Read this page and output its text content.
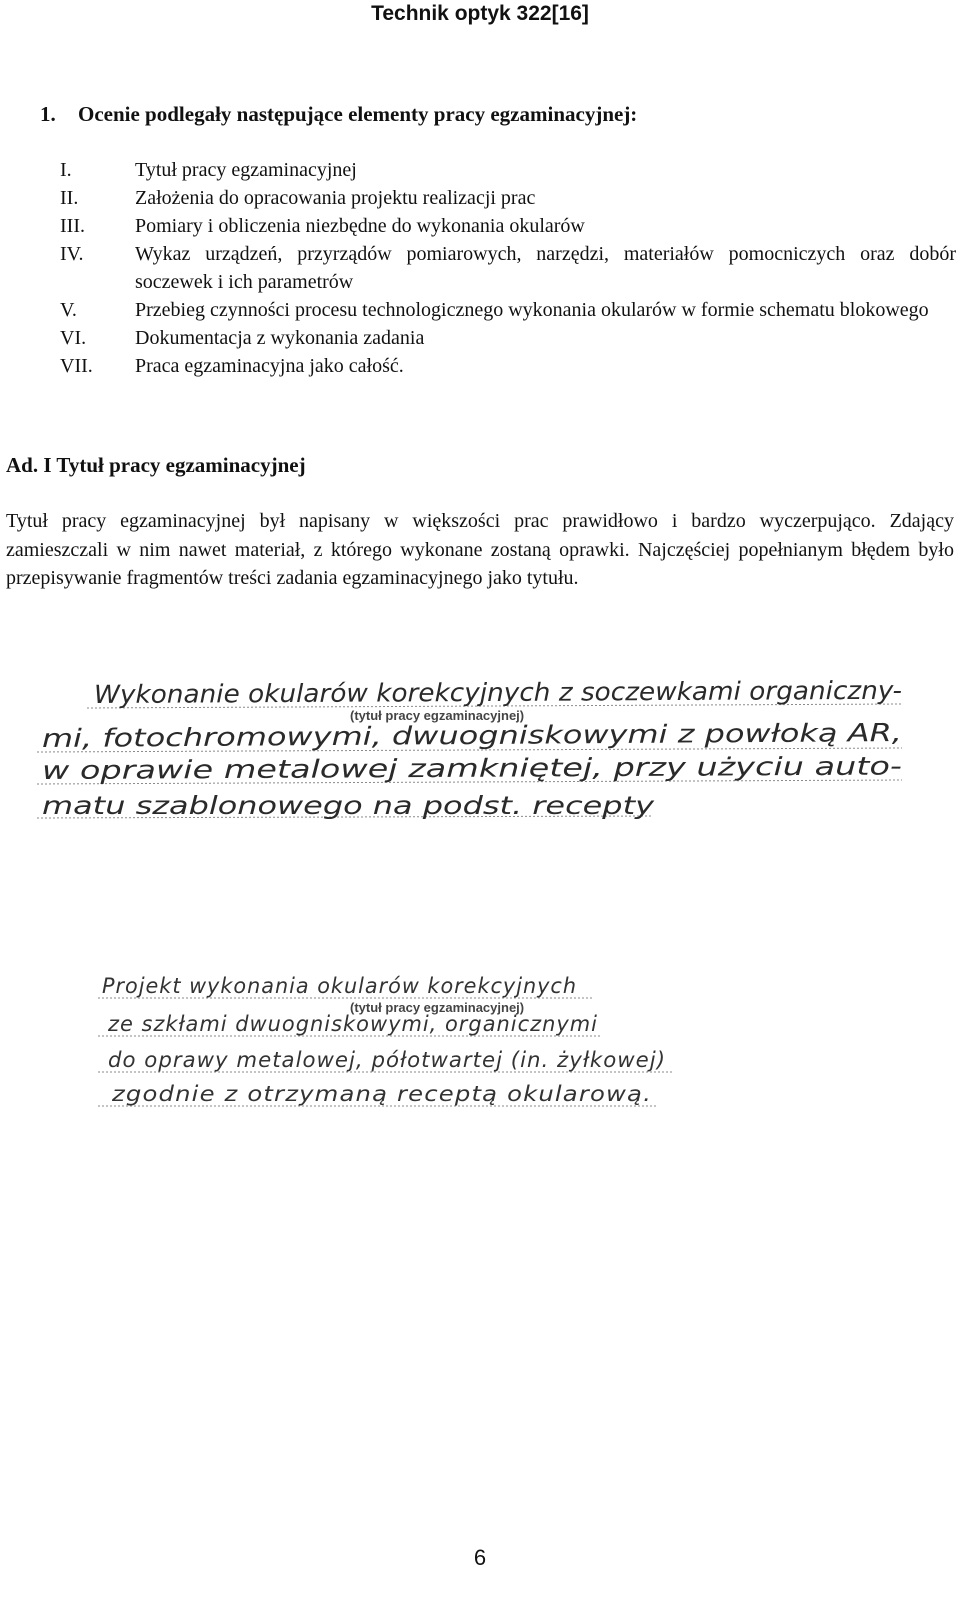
Technik optyk 322[16]
1. Ocenie podlegały następujące elementy pracy egzaminacyjnej:
I.	Tytuł pracy egzaminacyjnej
II.	Założenia do opracowania projektu realizacji prac
III.	Pomiary i obliczenia niezbędne do wykonania okularów
IV.	Wykaz urządzeń, przyrządów pomiarowych, narzędzi, materiałów pomocniczych oraz dobór soczewek i ich parametrów
V.	Przebieg czynności procesu technologicznego wykonania okularów w formie schematu blokowego
VI.	Dokumentacja z wykonania zadania
VII.	Praca egzaminacyjna jako całość.
Ad. I Tytuł pracy egzaminacyjnej
Tytuł pracy egzaminacyjnej był napisany w większości prac prawidłowo i bardzo wyczerpująco. Zdający zamieszczali w nim nawet materiał, z którego wykonane zostaną oprawki. Najczęściej popełnianym błędem było przepisywanie fragmentów treści zadania egzaminacyjnego jako tytułu.
Wykonanie okularów korekcyjnych z soczewkami organiczny-
(tytuł pracy egzaminacyjnej)
mi, fotochromowymi, dwuogniskowymi z powłoką AR,
w oprawie metalowej zamkniętej, przy użyciu auto-
matu szablonowego na podst. recepty
Projekt wykonania okularów korekcyjnych
(tytuł pracy egzaminacyjnej)
ze szkłami dwuogniskowymi, organicznymi
do oprawy metalowej, półotwartej (in. żyłkowej)
zgodnie z otrzymaną receptą okularową.
6
